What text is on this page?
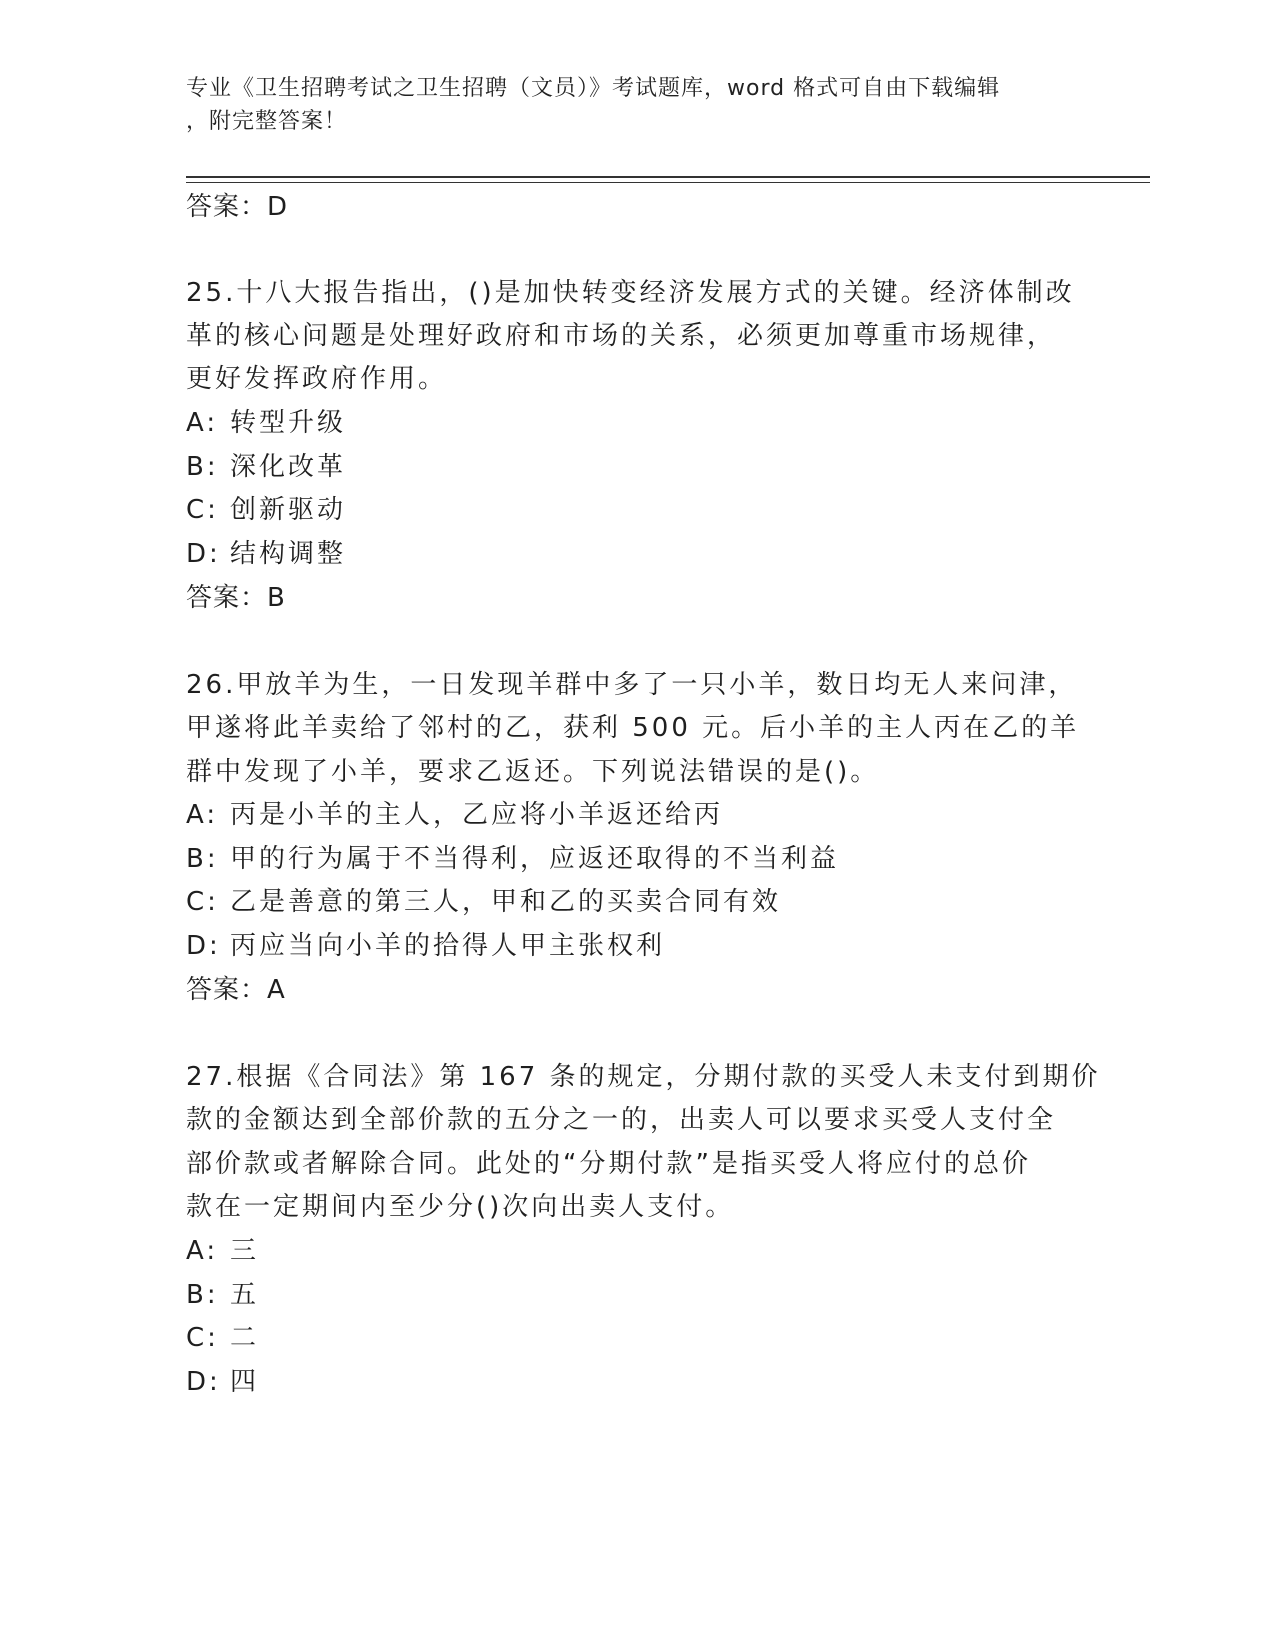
专业《卫生招聘考试之卫生招聘（文员）》考试题库，word 格式可自由下载编辑
，附完整答案！
答案：D
25.十八大报告指出，()是加快转变经济发展方式的关键。经济体制改
革的核心问题是处理好政府和市场的关系，必须更加尊重市场规律，
更好发挥政府作用。
A: 转型升级
B: 深化改革
C: 创新驱动
D: 结构调整
答案：B
26.甲放羊为生，一日发现羊群中多了一只小羊，数日均无人来问津，
甲遂将此羊卖给了邻村的乙，获利 500 元。后小羊的主人丙在乙的羊
群中发现了小羊，要求乙返还。下列说法错误的是()。
A: 丙是小羊的主人，乙应将小羊返还给丙
B: 甲的行为属于不当得利，应返还取得的不当利益
C: 乙是善意的第三人，甲和乙的买卖合同有效
D: 丙应当向小羊的拾得人甲主张权利
答案：A
27.根据《合同法》第 167 条的规定，分期付款的买受人未支付到期价
款的金额达到全部价款的五分之一的，出卖人可以要求买受人支付全
部价款或者解除合同。此处的“分期付款”是指买受人将应付的总价
款在一定期间内至少分()次向出卖人支付。
A: 三
B: 五
C: 二
D: 四
